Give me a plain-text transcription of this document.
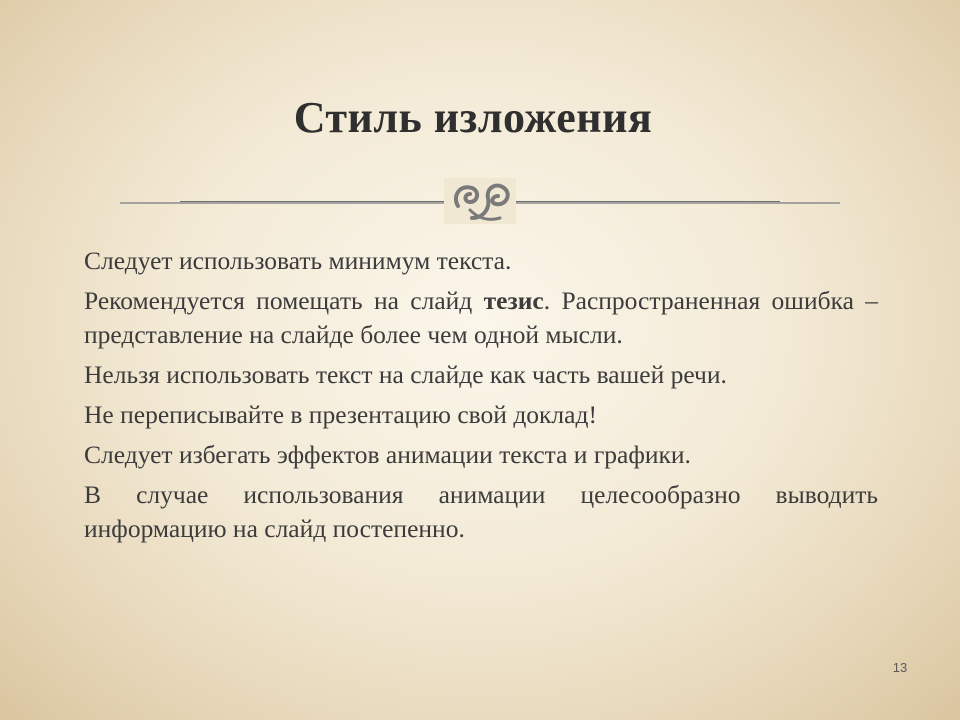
Стиль изложения

Следует использовать минимум текста.

Рекомендуется помещать на слайд тезис. Распространенная ошибка – представление на слайде более чем одной мысли.

Нельзя использовать текст на слайде как часть вашей речи.

Не переписывайте в презентацию свой доклад!

Следует избегать эффектов анимации текста и графики.

В случае использования анимации целесообразно выводить информацию на слайд постепенно.

13
